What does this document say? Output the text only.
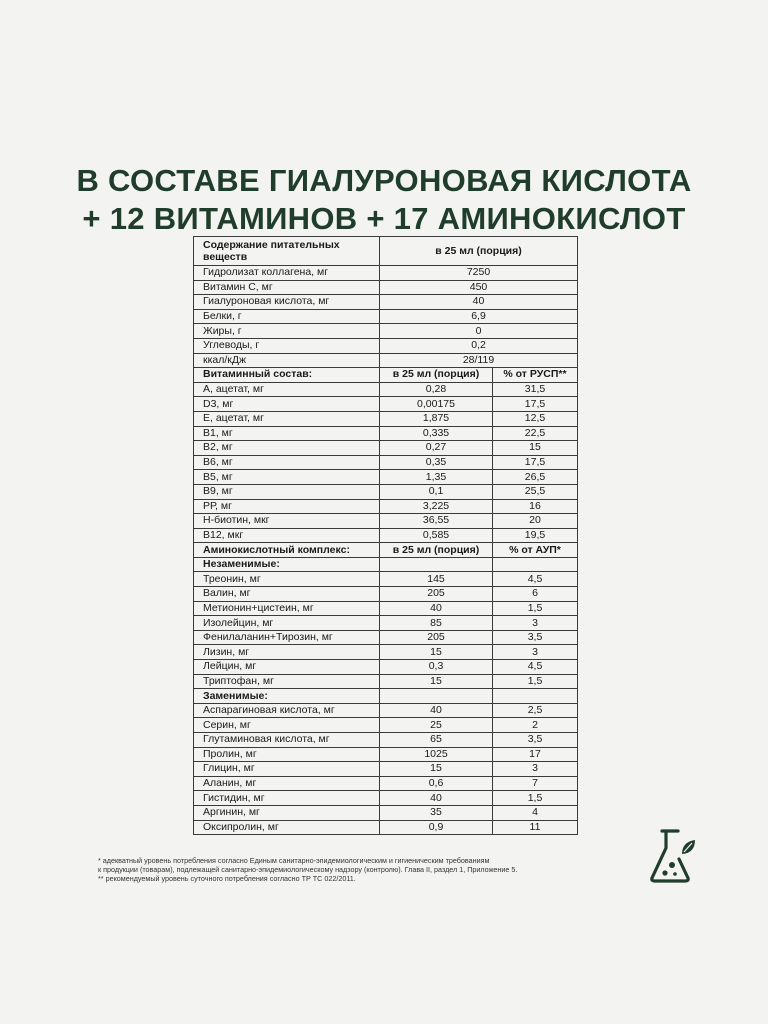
В СОСТАВЕ ГИАЛУРОНОВАЯ КИСЛОТА
+ 12 ВИТАМИНОВ + 17 АМИНОКИСЛОТ
Содержание питательных веществ	в 25 мл (порция)	
Гидролизат коллагена, мг	7250	
Витамин С, мг	450	
Гиалуроновая кислота, мг	40	
Белки, г	6,9	
Жиры, г	0	
Углеводы, г	0,2	
ккал/кДж	28/119	
Витаминный состав:	в 25 мл (порция)	% от РУСП**
А, ацетат, мг	0,28	31,5
D3, мг	0,00175	17,5
Е, ацетат, мг	1,875	12,5
В1, мг	0,335	22,5
В2, мг	0,27	15
В6, мг	0,35	17,5
В5, мг	1,35	26,5
В9, мг	0,1	25,5
РР, мг	3,225	16
Н-биотин, мкг	36,55	20
В12, мкг	0,585	19,5
Аминокислотный комплекс:	в 25 мл (порция)	% от АУП*
Незаменимые:		
Треонин, мг	145	4,5
Валин, мг	205	6
Метионин+цистеин, мг	40	1,5
Изолейцин, мг	85	3
Фенилаланин+Тирозин, мг	205	3,5
Лизин, мг	15	3
Лейцин, мг	0,3	4,5
Триптофан, мг	15	1,5
Заменимые:		
Аспарагиновая кислота, мг	40	2,5
Серин, мг	25	2
Глутаминовая кислота, мг	65	3,5
Пролин, мг	1025	17
Глицин, мг	15	3
Аланин, мг	0,6	7
Гистидин, мг	40	1,5
Аргинин, мг	35	4
Оксипролин, мг	0,9	11
* адекватный уровень потребления согласно Единым санитарно-эпидемиологическим и гигиеническим требованиям
к продукции (товарам), подлежащей санитарно-эпидемиологическому надзору (контролю). Глава II, раздел 1, Приложение 5.
** рекомендуемый уровень суточного потребления согласно ТР ТС 022/2011.
